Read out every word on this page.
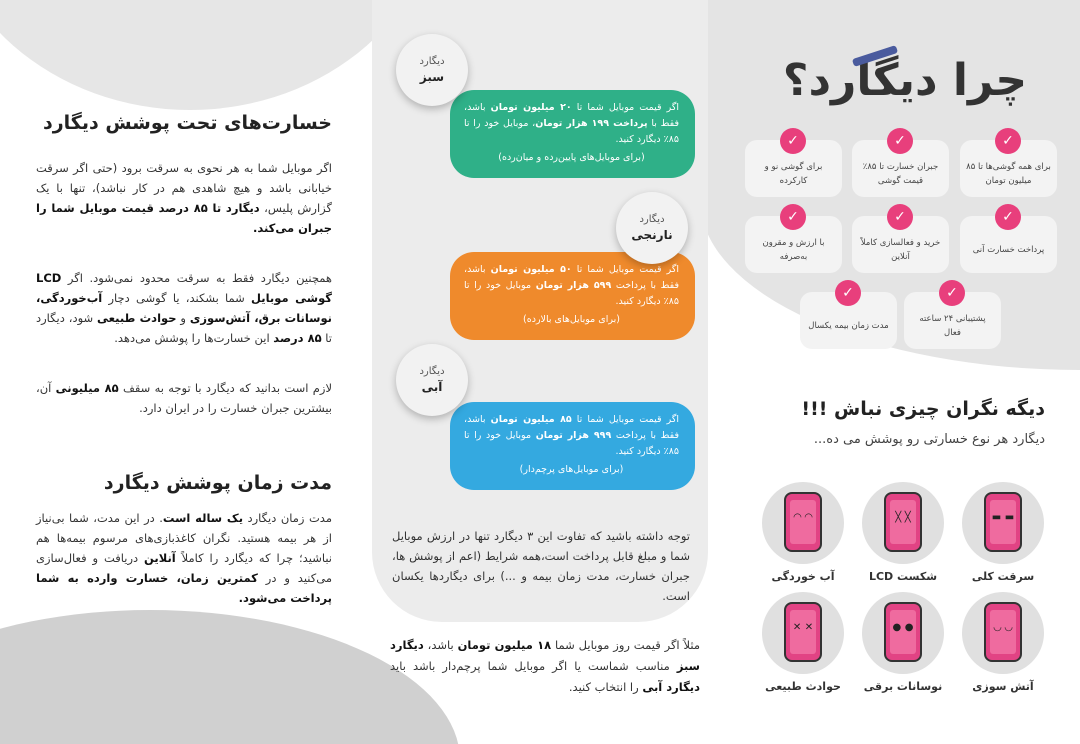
خسارت‌های تحت پوشش دیگارد
اگر موبایل شما به هر نحوی به سرقت برود (حتی اگر سرقت خیابانی باشد و هیچ شاهدی هم در کار نباشد)، تنها با یک گزارش پلیس، دیگارد تا ۸۵ درصد قیمت موبایل شما را جبران می‌کند.
همچنین دیگارد فقط به سرقت محدود نمی‌شود. اگر LCD گوشی موبایل شما بشکند، یا گوشی دچار آب‌خوردگی، نوسانات برق، آتش‌سوزی و حوادث طبیعی شود، دیگارد تا ۸۵ درصد این خسارت‌ها را پوشش می‌دهد.
لازم است بدانید که دیگارد با توجه به سقف ۸۵ میلیونی آن، بیشترین جبران خسارت را در ایران دارد.
مدت زمان پوشش دیگارد
مدت زمان دیگارد یک ساله است. در این مدت، شما بی‌نیاز از هر بیمه هستید. نگران کاغذبازی‌های مرسوم بیمه‌ها هم نباشید؛ چرا که دیگارد را کاملاً آنلاین دریافت و فعال‌سازی می‌کنید و در کمترین زمان، خسارت وارده به شما پرداخت می‌شود.
اگر قیمت موبایل شما تا ۲۰ میلیون تومان باشد، فقط با پرداخت ۱۹۹ هزار تومان، موبایل خود را تا ۸۵٪ دیگارد کنید.
(برای موبایل‌های پایین‌رده و میان‌رده)
دیگارد
سبز
اگر قیمت موبایل شما تا ۵۰ میلیون تومان باشد، فقط با پرداخت ۵۹۹ هزار تومان موبایل خود را تا ۸۵٪ دیگارد کنید.
(برای موبایل‌های بالارده)
دیگارد
نارنجی
اگر قیمت موبایل شما تا ۸۵ میلیون تومان باشد، فقط با پرداخت ۹۹۹ هزار تومان موبایل خود را تا ۸۵٪ دیگارد کنید.
(برای موبایل‌های پرچم‌دار)
دیگارد
آبی
توجه داشته باشید که تفاوت این ۳ دیگارد تنها در ارزش موبایل شما و مبلغ قابل پرداخت است،همه شرایط (اعم از پوشش ها، جبران خسارت، مدت زمان بیمه و ...) برای دیگاردها یکسان است.
مثلاً اگر قیمت روز موبایل شما ۱۸ میلیون تومان باشد، دیگارد سبز مناسب شماست یا اگر موبایل شما پرچم‌دار باشد باید دیگارد آبی را انتخاب کنید.
چرا دیگارد؟
برای همه گوشی‌ها تا ۸۵ میلیون تومان
✓
جبران خسارت تا ۸۵٪ قیمت گوشی
✓
برای گوشی نو و کارکرده
✓
پرداخت خسارت آنی
✓
خرید و فعالسازی کاملاً آنلاین
✓
با ارزش و مقرون به‌صرفه
✓
پشتیبانی ۲۴ ساعته فعال
✓
مدت زمان بیمه یکسال
✓
دیگه نگران چیزی نباش !!!
دیگارد هر نوع خسارتی رو پوشش می ده...
▬ ▬
سرقت کلی
╳ ╳
شکست LCD
◠ ◠
آب خوردگی
◡ ◡
آتش سوزی
● ●
نوسانات برقی
✕ ✕
حوادث طبیعی
